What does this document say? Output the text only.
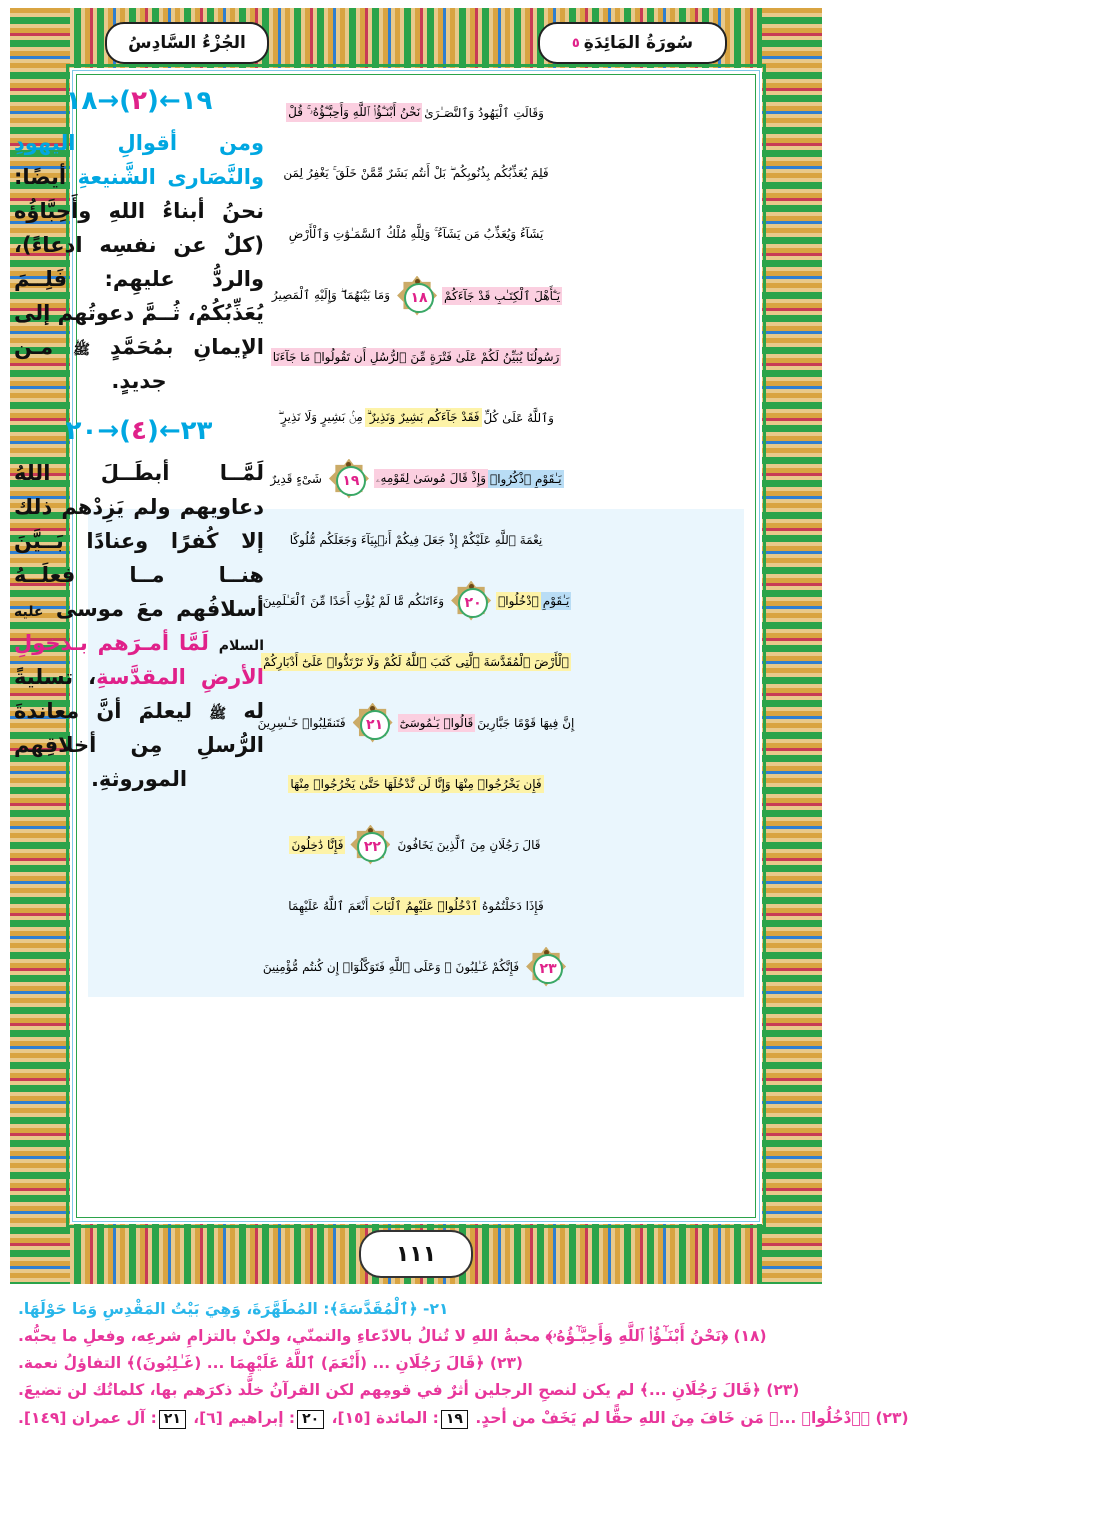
سُورَةُ المَائِدَةِ
٥
الجُزْءُ السَّادِسُ
١١١
وَقَالَتِ ٱلْيَهُودُ وَٱلنَّصَـٰرَىٰ
نَحْنُ أَبْنَـٰٓؤُا۟ ٱللَّهِ وَأَحِبَّـٰٓؤُهُۥ ۚ قُلْ
فَلِمَ يُعَذِّبُكُم بِذُنُوبِكُم ۖ بَلْ أَنتُم بَشَرٌ مِّمَّنْ خَلَقَ ۚ يَغْفِرُ لِمَن
يَشَآءُ وَيُعَذِّبُ مَن يَشَآءُ ۚ وَلِلَّهِ مُلْكُ ٱلسَّمَـٰوَٰتِ وَٱلْأَرْضِ
يَـٰٓأَهْلَ ٱلْكِتَـٰبِ قَدْ جَآءَكُمْ
١٨
وَمَا بَيْنَهُمَا ۖ وَإِلَيْهِ ٱلْمَصِيرُ
رَسُولُنَا يُبَيِّنُ لَكُمْ عَلَىٰ فَتْرَةٍ مِّنَ ٱلرُّسُلِ أَن تَقُولُوا۟ مَا جَآءَنَا
وَٱللَّهُ عَلَىٰ كُلِّ
فَقَدْ جَآءَكُم بَشِيرٌ وَنَذِيرٌ ۗ
مِنۢ بَشِيرٍ وَلَا نَذِيرٍ ۖ
يَـٰقَوْمِ ٱذْكُرُوا۟
وَإِذْ قَالَ مُوسَىٰ لِقَوْمِهِۦ
١٩
شَىْءٍ قَدِيرٌ
نِعْمَةَ ٱللَّهِ عَلَيْكُمْ إِذْ جَعَلَ فِيكُمْ أَنۢبِيَآءَ وَجَعَلَكُم مُّلُوكًا
يَـٰقَوْمِ
ٱدْخُلُوا۟
٢٠
وَءَاتَىٰكُم مَّا لَمْ يُؤْتِ أَحَدًا مِّنَ ٱلْعَـٰلَمِينَ
ٱلْأَرْضَ ٱلْمُقَدَّسَةَ ٱلَّتِى كَتَبَ ٱللَّهُ لَكُمْ وَلَا تَرْتَدُّوا۟ عَلَىٰٓ أَدْبَارِكُمْ
إِنَّ فِيهَا قَوْمًا جَبَّارِينَ
قَالُوا۟ يَـٰمُوسَىٰٓ
٢١
فَتَنقَلِبُوا۟ خَـٰسِرِينَ
فَإِن يَخْرُجُوا۟ مِنْهَا
وَإِنَّا لَن نَّدْخُلَهَا حَتَّىٰ يَخْرُجُوا۟ مِنْهَا
قَالَ رَجُلَانِ مِنَ ٱلَّذِينَ يَخَافُونَ
٢٢
فَإِنَّا دَٰخِلُونَ
فَإِذَا دَخَلْتُمُوهُ
ٱدْخُلُوا۟ عَلَيْهِمُ ٱلْبَابَ
أَنْعَمَ ٱللَّهُ عَلَيْهِمَا
٢٣
فَإِنَّكُمْ غَـٰلِبُونَ ۚ وَعَلَى ٱللَّهِ فَتَوَكَّلُوٓا۟ إِن كُنتُم مُّؤْمِنِينَ
١٩←(٢)→١٨
ومن أقوالِ اليهودِ والنَّصَارى الشَّنيعةِ أيضًا: نحنُ أبناءُ اللهِ وأَحِبَّاؤُه (كلٌ عن نفسِه ادعاءً)، والردُّ عليهِم: فَلِــمَ يُعَذِّبُكُمْ، ثُــمَّ دعوتُهم إلى الإيمانِ بمُحَمَّدٍ ﷺ مـن جديدٍ.
٢٣←(٤)→٢٠
لَمَّــا أبطَــلَ اللهُ دعاويهم ولم يَزِدْهم ذلك إلا كُفرًا وعنادًا بَــيَّنَ هنــا مــا فعلَــهُ أسلافُهم معَ موسى عليه السلام لَمَّا أمـرَهم بـدخولِ الأرضِ المقدَّسةِ، تسليةً له ﷺ ليعلمَ أنَّ معاندةَ الرُّسلِ مِن أخلاقِهم الموروثةِ.
٢١- ﴿ٱلْمُقَدَّسَةَ﴾: المُطَهَّرَةَ، وَهِيَ بَيْتُ المَقْدِسِ وَمَا حَوْلَهَا.
(١٨) ﴿نَحْنُ أَبْنَـٰٓؤُا۟ ٱللَّهِ وَأَحِبَّـٰٓؤُهُۥ﴾ محبةُ اللهِ لا تُنالُ بالادّعاءِ والتمنّي، ولكنْ بالتزامِ شرعِه، وفعلِ ما يحبُّه.
(٢٣) ﴿قَالَ رَجُلَانِ ... (أَنْعَمَ) ٱللَّهُ عَلَيْهِمَا ... (غَـٰلِبُونَ)﴾ التفاؤلُ نعمة.
(٢٣) ﴿قَالَ رَجُلَانِ ...﴾ لم يكن لنصحِ الرجلين أثرٌ في قومِهم لكن القرآنُ خلَّد ذكرَهم بها، كلماتُك لن تضيعَ.
(٢٣) ﴿ٱدْخُلُوا۟ ...﴾ مَن خَافَ مِنَ اللهِ حقًّا لم يَخَفْ من أحدٍ. ١٩: المائدة [١٥]، ٢٠: إبراهيم [٦]، ٢١: آل عمران [١٤٩].
